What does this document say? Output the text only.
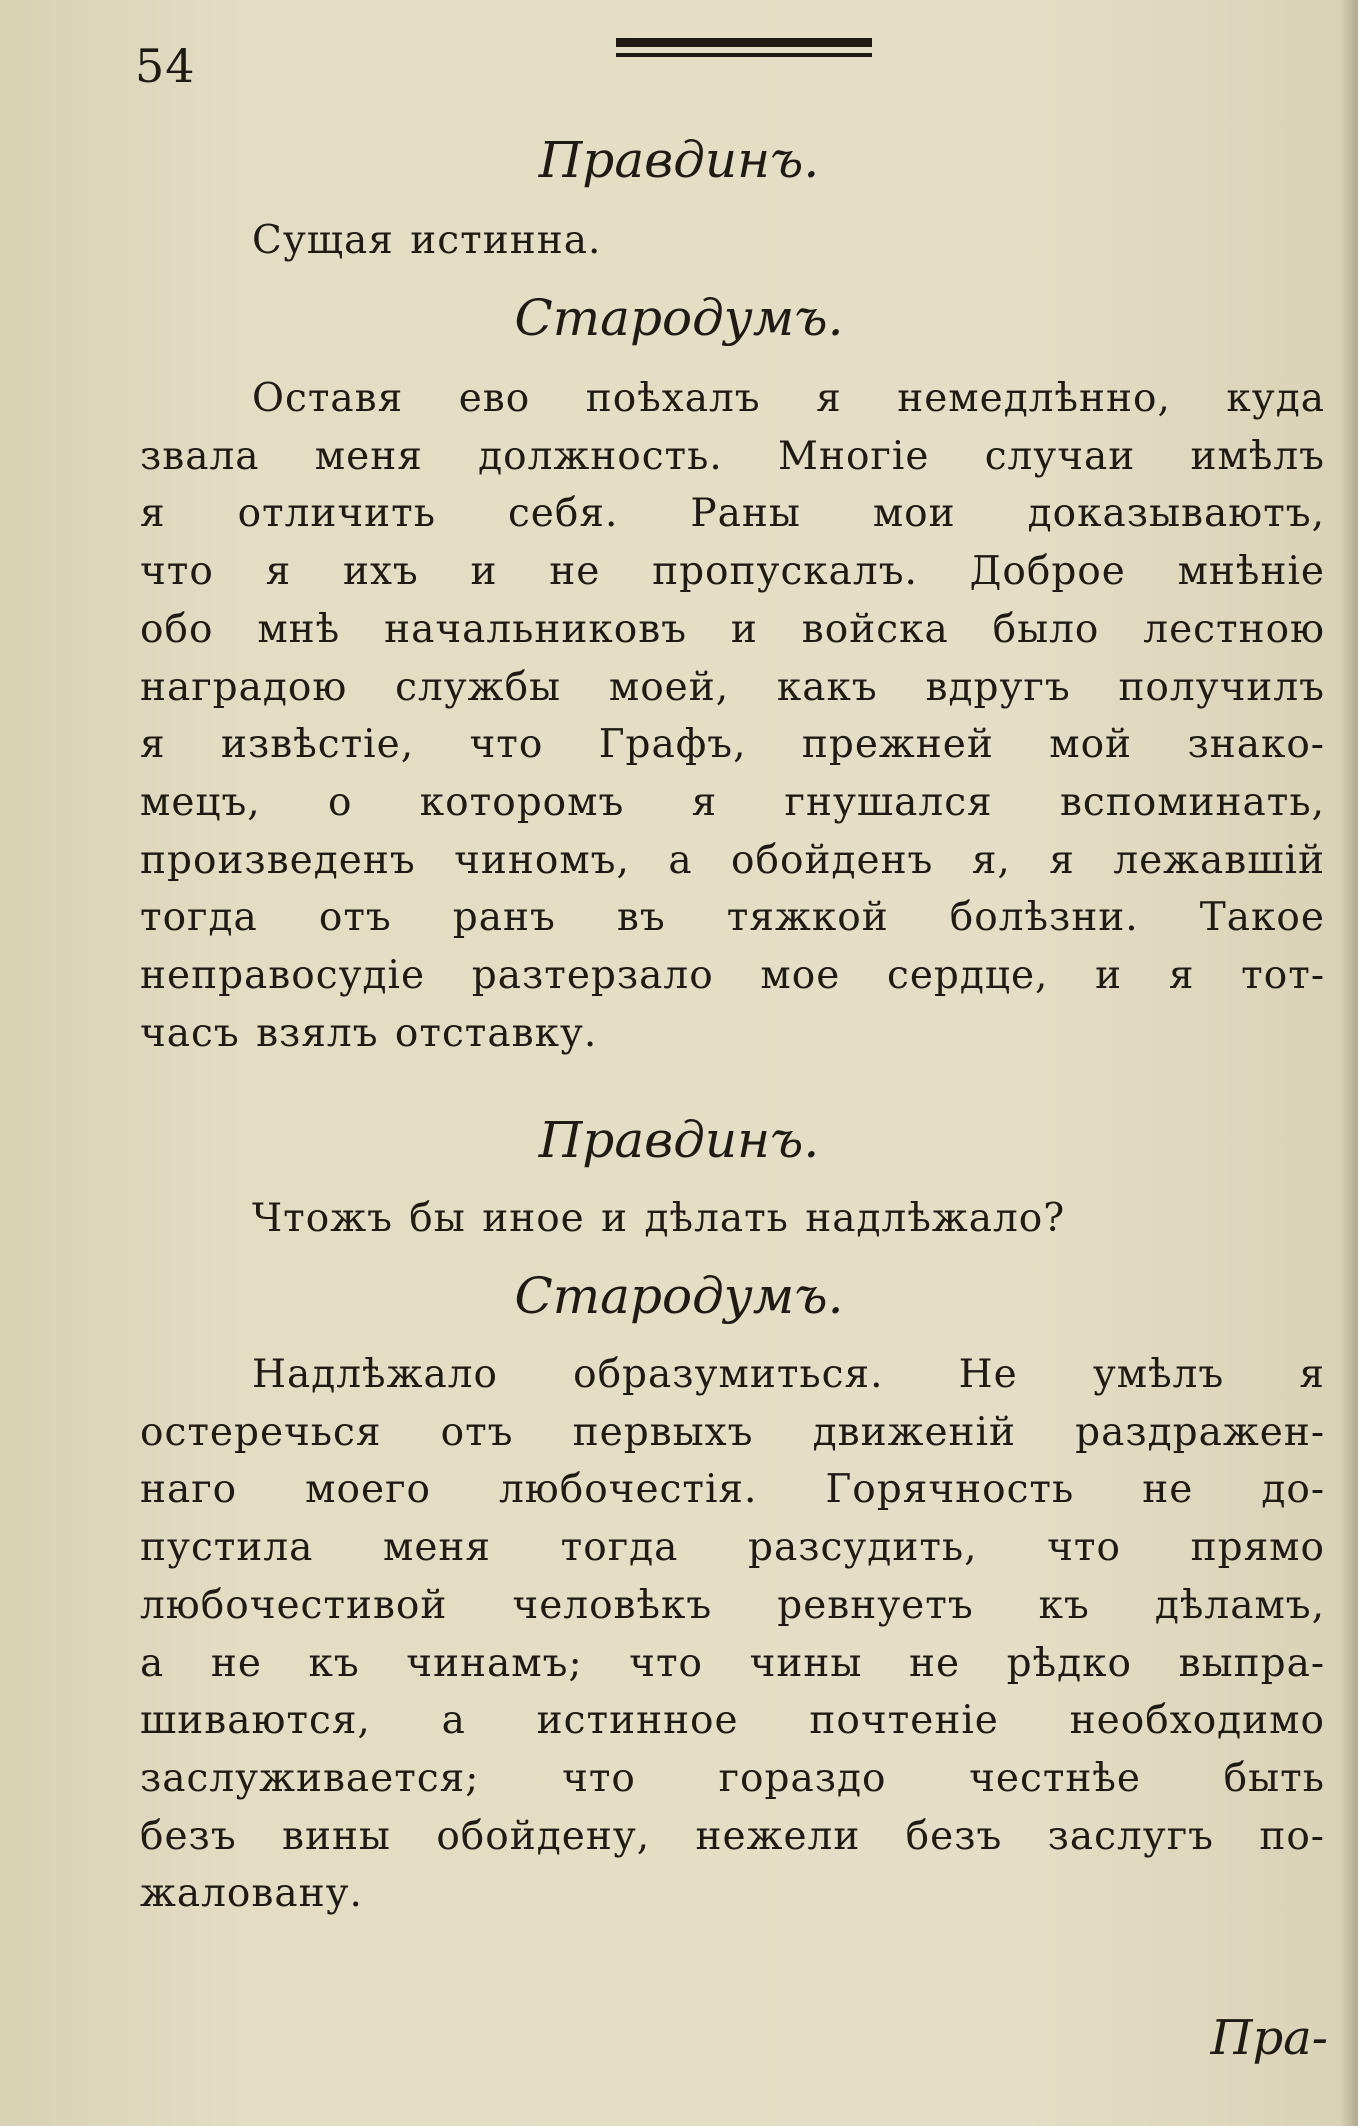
54
Правдинъ.
Сущая истинна.
Стародумъ.
Оставя ево поѣхалъ я немедлѣнно, куда
звала меня должность. Многіе случаи имѣлъ
я отличить себя. Раны мои доказываютъ,
что я ихъ и не пропускалъ. Доброе мнѣніе
обо мнѣ начальниковъ и войска было лестною
наградою службы моей, какъ вдругъ получилъ
я извѣстіе, что Графъ, прежней мой знако-
мецъ, о которомъ я гнушался вспоминать,
произведенъ чиномъ, а обойденъ я, я лежавшій
тогда отъ ранъ въ тяжкой болѣзни. Такое
неправосудіе разтерзало мое сердце, и я тот-
часъ взялъ отставку.
Правдинъ.
Чтожъ бы иное и дѣлать надлѣжало?
Стародумъ.
Надлѣжало образумиться. Не умѣлъ я
остеречься отъ первыхъ движеній раздражен-
наго моего любочестія. Горячность не до-
пустила меня тогда разсудить, что прямо
любочестивой человѣкъ ревнуетъ къ дѣламъ,
а не къ чинамъ; что чины не рѣдко выпра-
шиваются, а истинное почтеніе необходимо
заслуживается; что гораздо честнѣе быть
безъ вины обойдену, нежели безъ заслугъ по-
жаловану.
Пра-
